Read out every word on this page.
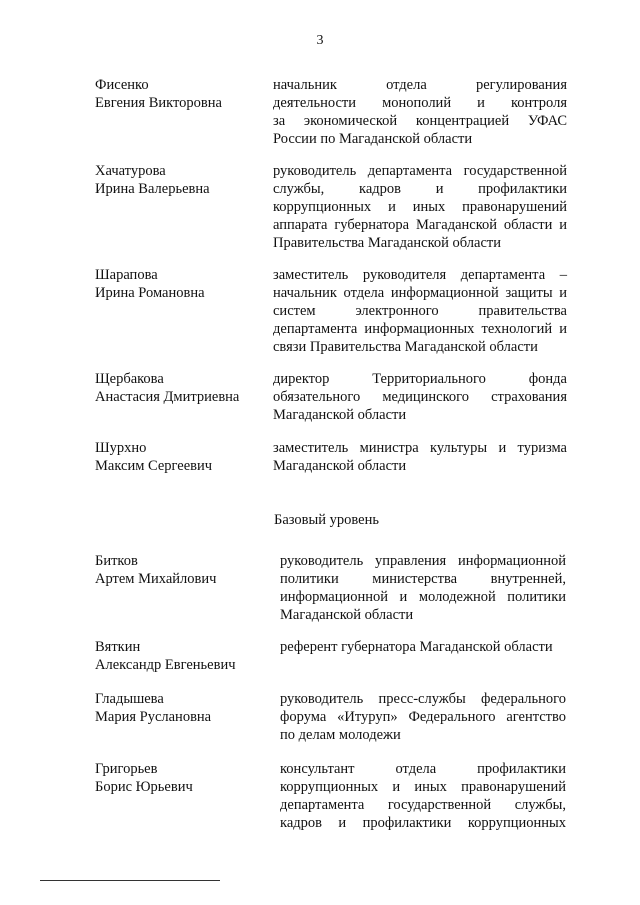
3
Фисенко
Евгения Викторовна
начальник отдела регулирования
деятельности монополий и контроля
за экономической концентрацией УФАС
России по Магаданской области
Хачатурова
Ирина Валерьевна
руководитель департамента государственной
службы, кадров и профилактики
коррупционных и иных правонарушений
аппарата губернатора Магаданской области и
Правительства Магаданской области
Шарапова
Ирина Романовна
заместитель руководителя департамента –
начальник отдела информационной защиты и
систем электронного правительства
департамента информационных технологий и
связи Правительства Магаданской области
Щербакова
Анастасия Дмитриевна
директор Территориального фонда
обязательного медицинского страхования
Магаданской области
Шурхно
Максим Сергеевич
заместитель министра культуры и туризма
Магаданской области
Базовый уровень
Битков
Артем Михайлович
руководитель управления информационной
политики министерства внутренней,
информационной и молодежной политики
Магаданской области
Вяткин
Александр Евгеньевич
референт губернатора Магаданской области
Гладышева
Мария Руслановна
руководитель пресс-службы федерального
форума «Итуруп» Федерального агентство
по делам молодежи
Григорьев
Борис Юрьевич
консультант отдела профилактики
коррупционных и иных правонарушений
департамента государственной службы,
кадров и профилактики коррупционных
